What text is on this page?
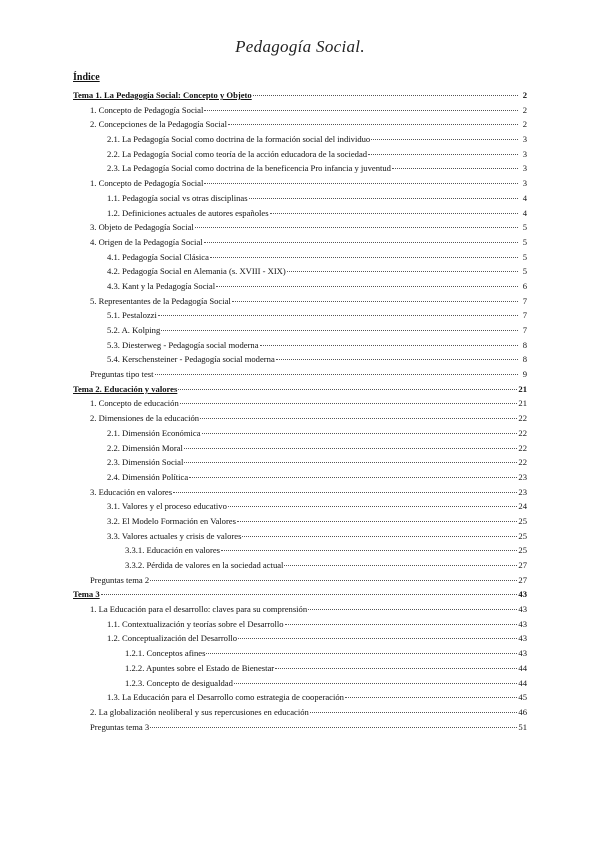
Pedagogía Social.
Índice
Tema 1. La Pedagogía Social: Concepto y Objeto	2
1. Concepto de Pedagogía Social	2
2. Concepciones de la Pedagogía Social	2
2.1. La Pedagogía Social como doctrina de la formación social del individuo	3
2.2. La Pedagogía Social como teoría de la acción educadora de la sociedad	3
2.3. La Pedagogía Social como doctrina de la beneficencia Pro infancia y juventud	3
1. Concepto de Pedagogía Social	3
1.1. Pedagogía social vs otras disciplinas	4
1.2. Definiciones actuales de autores españoles	4
3. Objeto de Pedagogía Social	5
4. Origen de la Pedagogía Social	5
4.1. Pedagogía Social Clásica	5
4.2. Pedagogía Social en Alemania (s. XVIII - XIX)	5
4.3. Kant y la Pedagogía Social	6
5. Representantes de la Pedagogía Social	7
5.1. Pestalozzi	7
5.2. A. Kolping	7
5.3. Diesterweg - Pedagogía social moderna	8
5.4. Kerschensteiner - Pedagogía social moderna	8
Preguntas tipo test	9
Tema 2. Educación y valores	21
1. Concepto de educación	21
2. Dimensiones de la educación	22
2.1. Dimensión Económica	22
2.2. Dimensión Moral	22
2.3. Dimensión Social	22
2.4. Dimensión Política	23
3. Educación en valores	23
3.1. Valores y el proceso educativo	24
3.2. El Modelo Formación en Valores	25
3.3. Valores actuales y crisis de valores	25
3.3.1. Educación en valores	25
3.3.2. Pérdida de valores en la sociedad actual	27
Preguntas tema 2	27
Tema 3	43
1. La Educación para el desarrollo: claves para su comprensión	43
1.1. Contextualización y teorías sobre el Desarrollo	43
1.2. Conceptualización del Desarrollo	43
1.2.1. Conceptos afines	43
1.2.2. Apuntes sobre el Estado de Bienestar	44
1.2.3. Concepto de desigualdad	44
1.3. La Educación para el Desarrollo como estrategia de cooperación	45
2. La globalización neoliberal y sus repercusiones en educación	46
Preguntas tema 3	51
